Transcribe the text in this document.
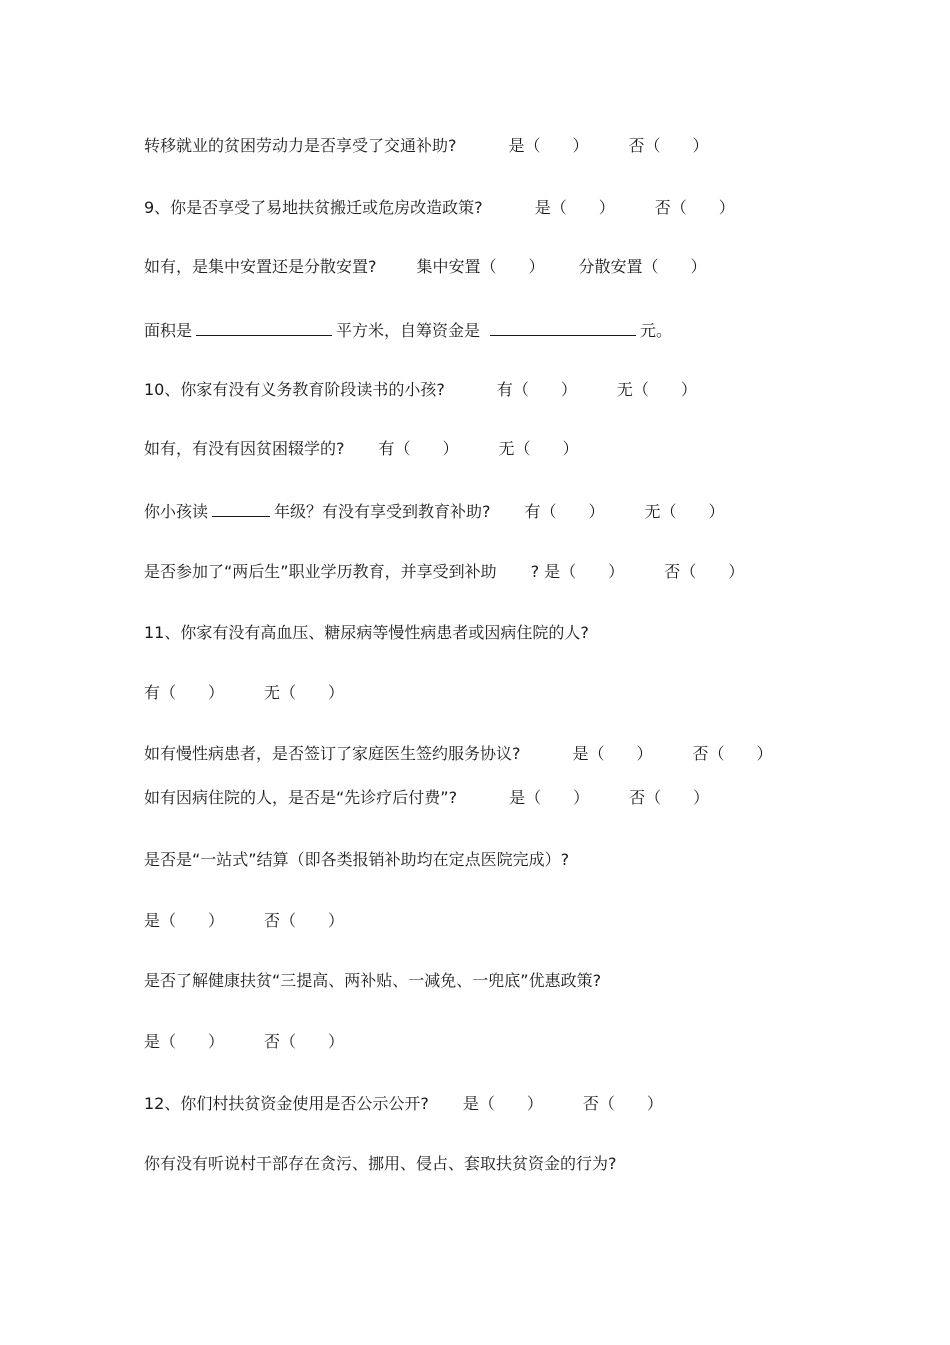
转移就业的贫困劳动力是否享受了交通补助?	是（　　）	否（　　）
9、你是否享受了易地扶贫搬迁或危房改造政策?	是（　　）	否（　　）
如有，是集中安置还是分散安置?	集中安置（　　） 分散安置（　　）
面积是	平方米，自筹资金是	元。
10、你家有没有义务教育阶段读书的小孩?	有（　　）	无（　　）
如有，有没有因贫困辍学的? 有（　　）	无（　　）
你小孩读	年级？有没有享受到教育补助? 有（　　）	无（　　）
是否参加了“两后生”职业学历教育，并享受到补助 ? 是（　　）	否（　　）
11、你家有没有高血压、糖尿病等慢性病患者或因病住院的人?
有（　　）	无（　　）
如有慢性病患者，是否签订了家庭医生签约服务协议?	是（　　）	否（　　）
如有因病住院的人，是否是“先诊疗后付费”?	是（　　）	否（　　）
是否是“一站式”结算（即各类报销补助均在定点医院完成）?
是（　　）	否（　　）
是否了解健康扶贫“三提高、两补贴、一减免、一兜底”优惠政策?
是（　　）	否（　　）
12、你们村扶贫资金使用是否公示公开? 是（　　）	否（　　）
你有没有听说村干部存在贪污、挪用、侵占、套取扶贫资金的行为?
